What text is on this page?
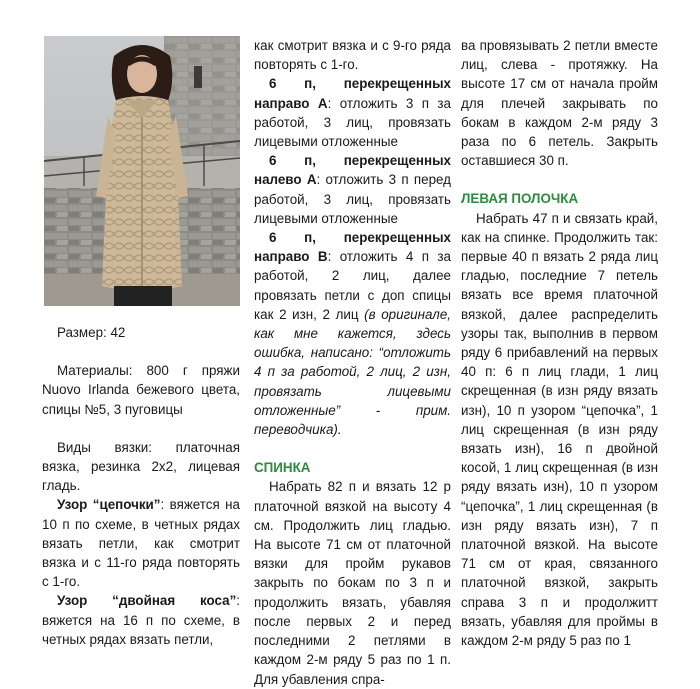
Размер: 42

Материалы: 800 г пряжи Nuovo Irlanda бежевого цвета, спицы №5, 3 пуговицы

Виды вязки: платочная вязка, резинка 2х2, лицевая гладь.

Узор “цепочки”: вяжется на 10 п по схеме, в четных рядах вязать петли, как смотрит вязка и с 11-го ряда повторять с 1-го.

Узор “двойная коса”: вяжется на 16 п по схеме, в четных рядах вязать петли,

как смотрит вязка и с 9-го ряда повторять с 1-го.

6 п, перекрещенных направо А: отложить 3 п за работой, 3 лиц, провязать лицевыми отложенные

6 п, перекрещенных налево А: отложить 3 п перед работой, 3 лиц, провязать лицевыми отложенные

6 п, перекрещенных направо В: отложить 4 п за работой, 2 лиц, далее провязать петли с доп спицы как 2 изн, 2 лиц (в оригинале, как мне кажется, здесь ошибка, написано: “отложить 4 п за работой, 2 лиц, 2 изн, провязать лицевыми отложенные” - прим. переводчика).

СПИНКА

Набрать 82 п и вязать 12 р платочной вязкой на высоту 4 см. Продолжить лиц гладью. На высоте 71 см от платочной вязки для пройм рукавов закрыть по бокам по 3 п и продолжить вязать, убавляя после первых 2 и перед последними 2 петлями в каждом 2-м ряду 5 раз по 1 п. Для убавления спра-

ва провязывать 2 петли вместе лиц, слева - протяжку. На высоте 17 см от начала пройм для плечей закрывать по бокам в каждом 2-м ряду 3 раза по 6 петель. Закрыть оставшиеся 30 п.

ЛЕВАЯ ПОЛОЧКА

Набрать 47 п и связать край, как на спинке. Продолжить так: первые 40 п вязать 2 ряда лиц гладью, последние 7 петель вязать все время платочной вязкой, далее распределить узоры так, выполнив в первом ряду 6 прибавлений на первых 40 п: 6 п лиц глади, 1 лиц скрещенная (в изн ряду вязать изн), 10 п узором “цепочка”, 1 лиц скрещенная (в изн ряду вязать изн), 16 п двойной косой, 1 лиц скрещенная (в изн ряду вязать изн), 10 п узором “цепочка”, 1 лиц скрещенная (в изн ряду вязать изн), 7 п платочной вязкой. На высоте 71 см от края, связанного платочной вязкой, закрыть справа 3 п и продолжитт вязать, убавляя для проймы в каждом 2-м ряду 5 раз по 1
